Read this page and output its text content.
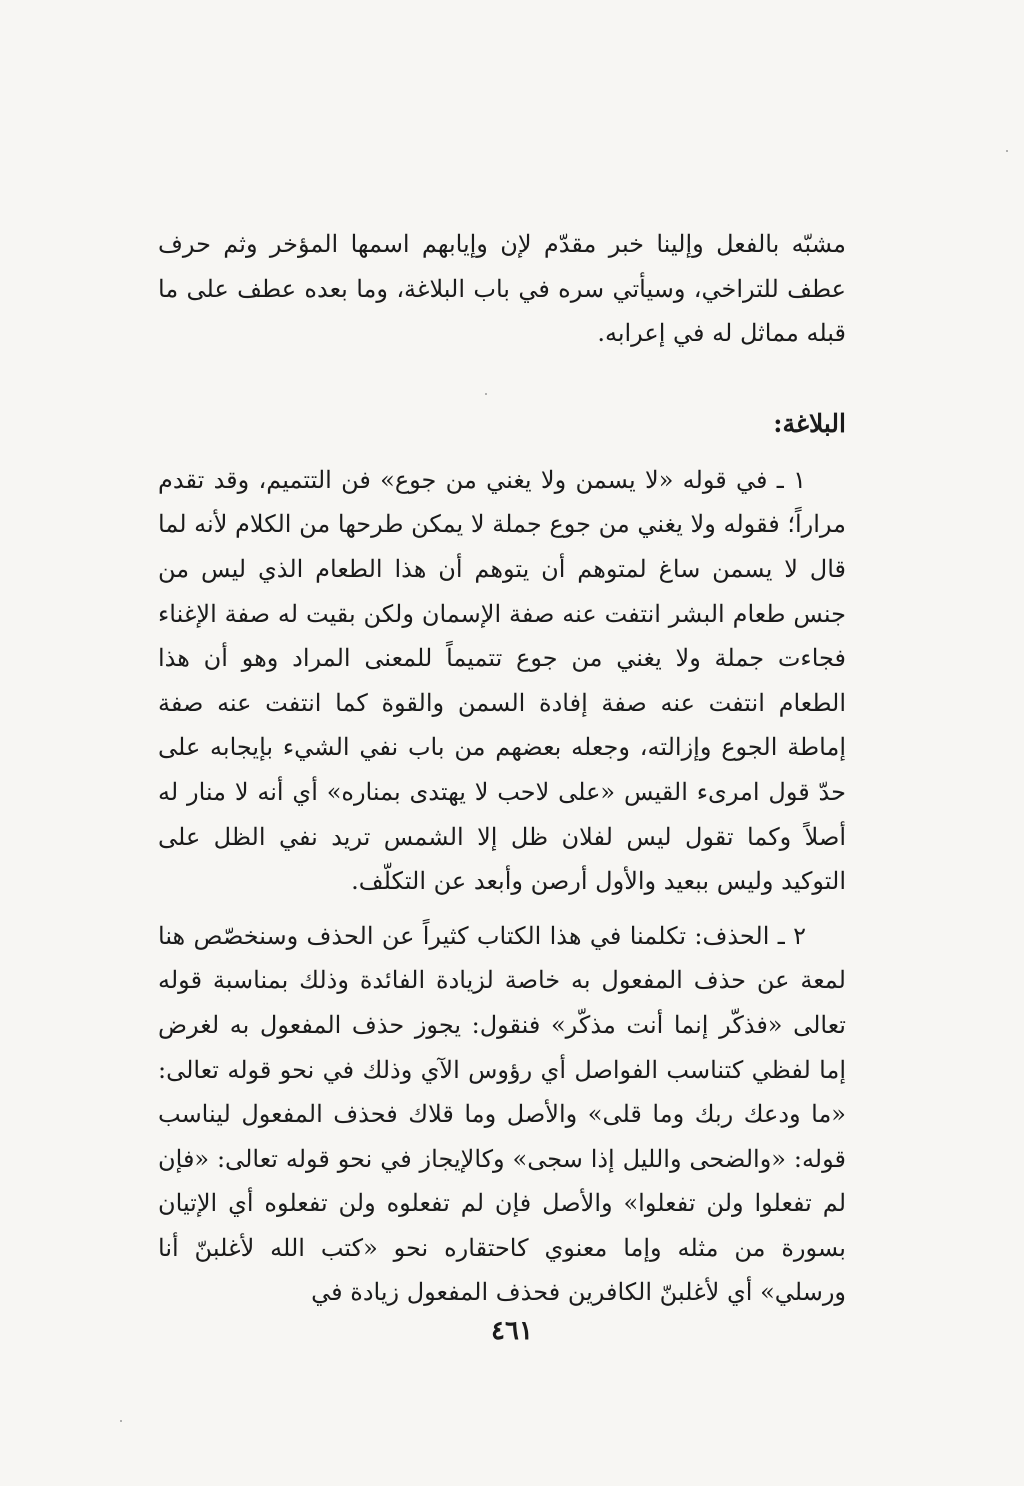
مشبّه بالفعل وإلينا خبر مقدّم لإن وإيابهم اسمها المؤخر وثم حرف عطف للتراخي، وسيأتي سره في باب البلاغة، وما بعده عطف على ما قبله مماثل له في إعرابه.

البلاغة:

١ ـ في قوله «لا يسمن ولا يغني من جوع» فن التتميم، وقد تقدم مراراً؛ فقوله ولا يغني من جوع جملة لا يمكن طرحها من الكلام لأنه لما قال لا يسمن ساغ لمتوهم أن يتوهم أن هذا الطعام الذي ليس من جنس طعام البشر انتفت عنه صفة الإسمان ولكن بقيت له صفة الإغناء فجاءت جملة ولا يغني من جوع تتميماً للمعنى المراد وهو أن هذا الطعام انتفت عنه صفة إفادة السمن والقوة كما انتفت عنه صفة إماطة الجوع وإزالته، وجعله بعضهم من باب نفي الشيء بإيجابه على حدّ قول امرىء القيس «على لاحب لا يهتدى بمناره» أي أنه لا منار له أصلاً وكما تقول ليس لفلان ظل إلا الشمس تريد نفي الظل على التوكيد وليس ببعيد والأول أرصن وأبعد عن التكلّف.

٢ ـ الحذف: تكلمنا في هذا الكتاب كثيراً عن الحذف وسنخصّص هنا لمعة عن حذف المفعول به خاصة لزيادة الفائدة وذلك بمناسبة قوله تعالى «فذكّر إنما أنت مذكّر» فنقول: يجوز حذف المفعول به لغرض إما لفظي كتناسب الفواصل أي رؤوس الآي وذلك في نحو قوله تعالى: «ما ودعك ربك وما قلى» والأصل وما قلاك فحذف المفعول ليناسب قوله: «والضحى والليل إذا سجى» وكالإيجاز في نحو قوله تعالى: «فإن لم تفعلوا ولن تفعلوا» والأصل فإن لم تفعلوه ولن تفعلوه أي الإتيان بسورة من مثله وإما معنوي كاحتقاره نحو «كتب الله لأغلبنّ أنا ورسلي» أي لأغلبنّ الكافرين فحذف المفعول زيادة في

٤٦١
